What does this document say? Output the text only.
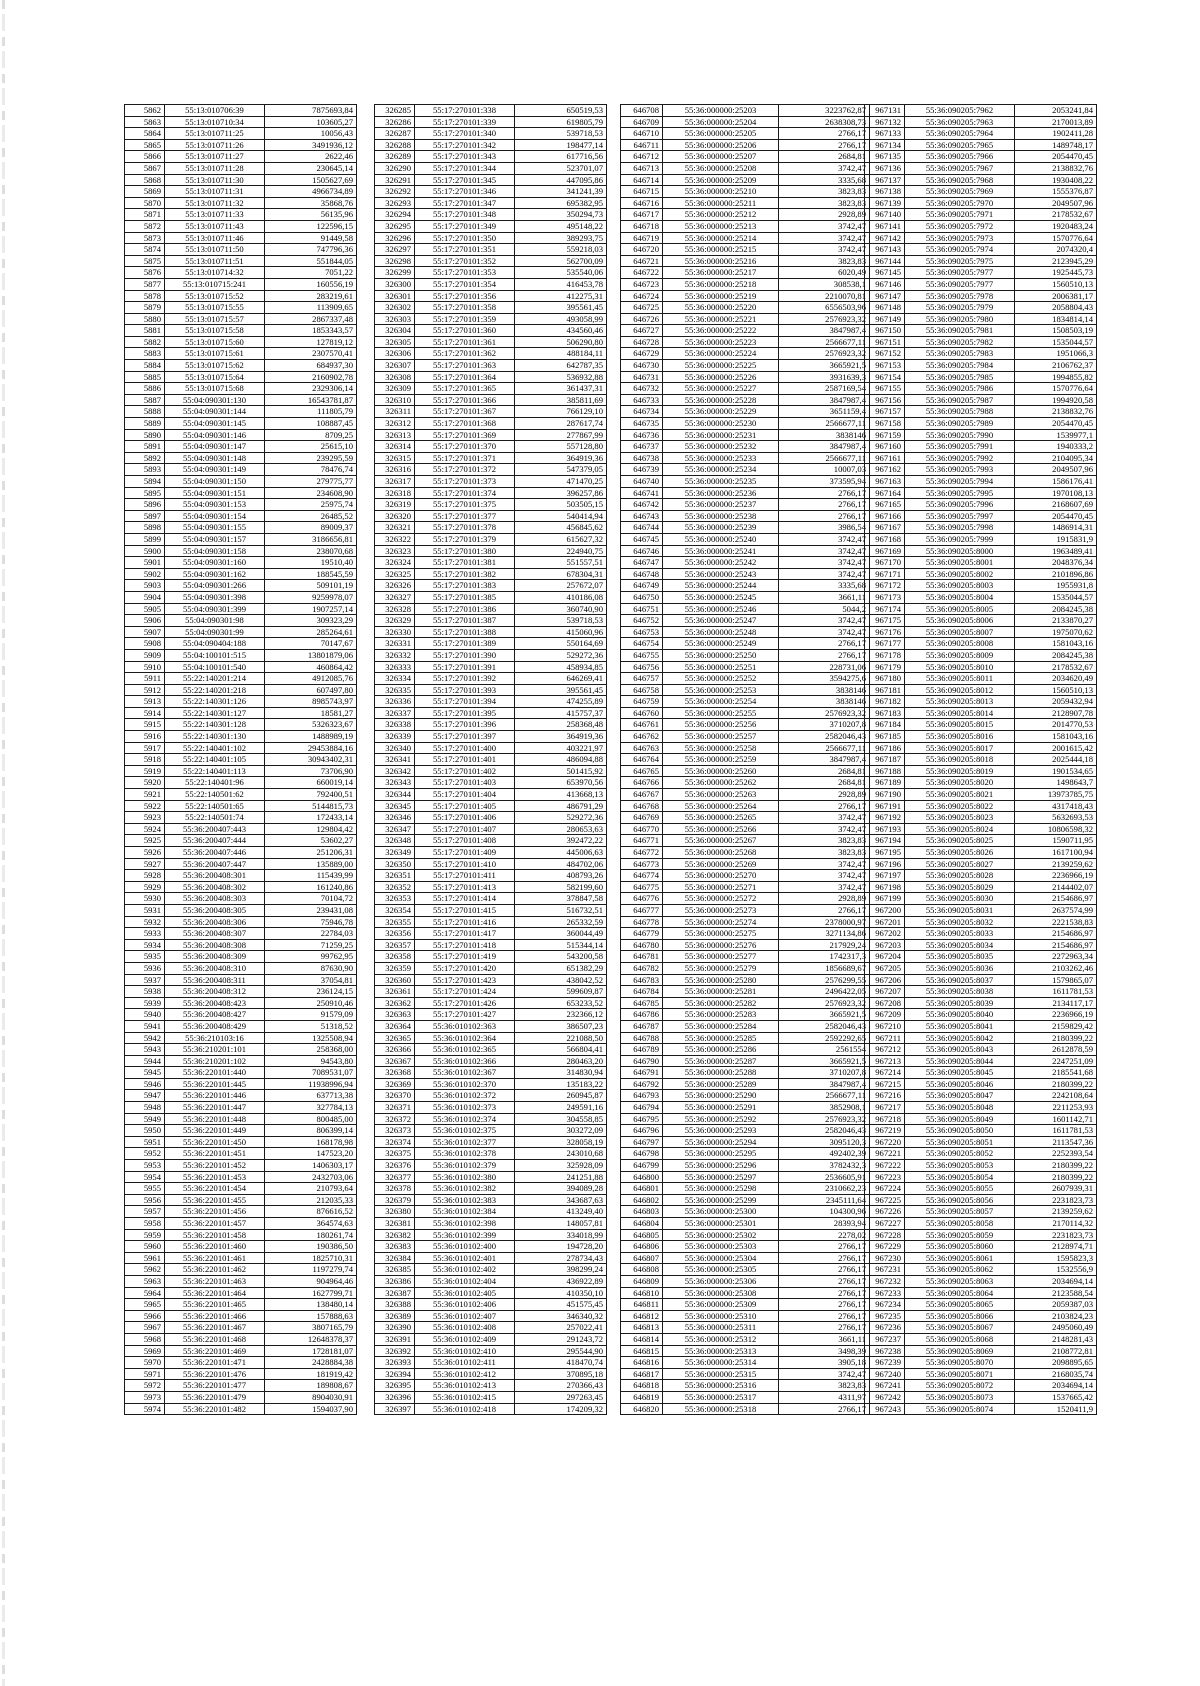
5862	55:13:010706:39	7875693,84
5863	55:13:010710:34	103605,27
5864	55:13:010711:25	10056,43
5865	55:13:010711:26	3491936,12
5866	55:13:010711:27	2622,46
5867	55:13:010711:28	230645,14
5868	55:13:010711:30	1505627,69
5869	55:13:010711:31	4966734,89
5870	55:13:010711:32	35868,76
5871	55:13:010711:33	56135,96
5872	55:13:010711:43	122596,15
5873	55:13:010711:46	91449,58
5874	55:13:010711:50	747796,36
5875	55:13:010711:51	551844,05
5876	55:13:010714:32	7051,22
5877	55:13:010715:241	160556,19
5878	55:13:010715:52	283219,61
5879	55:13:010715:55	113909,65
5880	55:13:010715:57	2867337,48
5881	55:13:010715:58	1853343,57
5882	55:13:010715:60	127819,12
5883	55:13:010715:61	2307570,41
5884	55:13:010715:62	684937,30
5885	55:13:010715:64	2160902,78
5886	55:13:010715:68	2329306,14
5887	55:04:090301:130	16543781,87
5888	55:04:090301:144	111805,79
5889	55:04:090301:145	108887,45
5890	55:04:090301:146	8709,25
5891	55:04:090301:147	25615,10
5892	55:04:090301:148	239295,59
5893	55:04:090301:149	78476,74
5894	55:04:090301:150	279775,77
5895	55:04:090301:151	234608,90
5896	55:04:090301:153	25975,74
5897	55:04:090301:154	26485,52
5898	55:04:090301:155	89009,37
5899	55:04:090301:157	3186656,81
5900	55:04:090301:158	238070,68
5901	55:04:090301:160	19510,40
5902	55:04:090301:162	188545,59
5903	55:04:090301:266	509101,19
5904	55:04:090301:398	9259978,07
5905	55:04:090301:399	1907257,14
5906	55:04:090301:98	309323,29
5907	55:04:090301:99	285264,61
5908	55:04:090404:188	70147,67
5909	55:04:100101:515	13801879,06
5910	55:04:100101:540	460864,42
5911	55:22:140201:214	4912085,76
5912	55:22:140201:218	607497,80
5913	55:22:140301:126	8985743,97
5914	55:22:140301:127	18581,27
5915	55:22:140301:128	5326323,67
5916	55:22:140301:130	1488989,19
5917	55:22:140401:102	29453884,16
5918	55:22:140401:105	30943402,31
5919	55:22:140401:113	73706,90
5920	55:22:140401:96	660019,14
5921	55:22:140501:62	792400,51
5922	55:22:140501:65	5144815,73
5923	55:22:140501:74	172433,14
5924	55:36:200407:443	129804,42
5925	55:36:200407:444	53602,27
5926	55:36:200407:446	251206,31
5927	55:36:200407:447	135889,00
5928	55:36:200408:301	115439,99
5929	55:36:200408:302	161240,86
5930	55:36:200408:303	70104,72
5931	55:36:200408:305	239431,08
5932	55:36:200408:306	75946,78
5933	55:36:200408:307	22784,03
5934	55:36:200408:308	71259,25
5935	55:36:200408:309	99762,95
5936	55:36:200408:310	87630,90
5937	55:36:200408:311	37054,81
5938	55:36:200408:312	236124,15
5939	55:36:200408:423	250910,46
5940	55:36:200408:427	91579,09
5941	55:36:200408:429	51318,52
5942	55:36:210103:16	1325508,94
5943	55:36:210201:101	258368,00
5944	55:36:210201:102	94543,80
5945	55:36:220101:440	7089531,07
5946	55:36:220101:445	11938996,94
5947	55:36:220101:446	637713,38
5948	55:36:220101:447	327784,13
5949	55:36:220101:448	800485,00
5950	55:36:220101:449	806399,14
5951	55:36:220101:450	168178,98
5952	55:36:220101:451	147523,20
5953	55:36:220101:452	1406303,17
5954	55:36:220101:453	2432703,06
5955	55:36:220101:454	210793,64
5956	55:36:220101:455	212035,33
5957	55:36:220101:456	876616,52
5958	55:36:220101:457	364574,63
5959	55:36:220101:458	180261,74
5960	55:36:220101:460	190386,50
5961	55:36:220101:461	1825710,31
5962	55:36:220101:462	1197279,74
5963	55:36:220101:463	904964,46
5964	55:36:220101:464	1627799,71
5965	55:36:220101:465	138480,14
5966	55:36:220101:466	157888,63
5967	55:36:220101:467	3807165,79
5968	55:36:220101:468	12648378,37
5969	55:36:220101:469	1728181,07
5970	55:36:220101:471	2428884,38
5971	55:36:220101:476	181919,42
5972	55:36:220101:477	189808,67
5973	55:36:220101:479	8904030,91
5974	55:36:220101:482	1594037,90
326285	55:17:270101:338	650519,53
326286	55:17:270101:339	619805,79
326287	55:17:270101:340	539718,53
326288	55:17:270101:342	198477,14
326289	55:17:270101:343	617716,56
326290	55:17:270101:344	523701,07
326291	55:17:270101:345	447095,86
326292	55:17:270101:346	341241,39
326293	55:17:270101:347	695382,95
326294	55:17:270101:348	350294,73
326295	55:17:270101:349	495148,22
326296	55:17:270101:350	389293,75
326297	55:17:270101:351	559218,03
326298	55:17:270101:352	562700,09
326299	55:17:270101:353	535540,06
326300	55:17:270101:354	416453,78
326301	55:17:270101:356	412275,31
326302	55:17:270101:358	395561,45
326303	55:17:270101:359	493058,99
326304	55:17:270101:360	434560,46
326305	55:17:270101:361	506290,80
326306	55:17:270101:362	488184,11
326307	55:17:270101:363	642787,35
326308	55:17:270101:364	536932,88
326309	55:17:270101:365	361437,31
326310	55:17:270101:366	385811,69
326311	55:17:270101:367	766129,10
326312	55:17:270101:368	287617,74
326313	55:17:270101:369	277867,99
326314	55:17:270101:370	557128,80
326315	55:17:270101:371	364919,36
326316	55:17:270101:372	547379,05
326317	55:17:270101:373	471470,25
326318	55:17:270101:374	396257,86
326319	55:17:270101:375	503505,15
326320	55:17:270101:377	540414,94
326321	55:17:270101:378	456845,62
326322	55:17:270101:379	615627,32
326323	55:17:270101:380	224940,75
326324	55:17:270101:381	551557,51
326325	55:17:270101:382	678304,31
326326	55:17:270101:383	257672,07
326327	55:17:270101:385	410186,08
326328	55:17:270101:386	360740,90
326329	55:17:270101:387	539718,53
326330	55:17:270101:388	415060,96
326331	55:17:270101:389	550164,69
326332	55:17:270101:390	529272,36
326333	55:17:270101:391	458934,85
326334	55:17:270101:392	646269,41
326335	55:17:270101:393	395561,45
326336	55:17:270101:394	474255,89
326337	55:17:270101:395	415757,37
326338	55:17:270101:396	258368,48
326339	55:17:270101:397	364919,36
326340	55:17:270101:400	403221,97
326341	55:17:270101:401	486094,88
326342	55:17:270101:402	501415,92
326343	55:17:270101:403	653970,56
326344	55:17:270101:404	413668,13
326345	55:17:270101:405	486791,29
326346	55:17:270101:406	529272,36
326347	55:17:270101:407	280653,63
326348	55:17:270101:408	392472,22
326349	55:17:270101:409	445006,63
326350	55:17:270101:410	484702,06
326351	55:17:270101:411	408793,26
326352	55:17:270101:413	582199,60
326353	55:17:270101:414	378847,58
326354	55:17:270101:415	516732,51
326355	55:17:270101:416	265332,59
326356	55:17:270101:417	360044,49
326357	55:17:270101:418	515344,14
326358	55:17:270101:419	543200,58
326359	55:17:270101:420	651382,29
326360	55:17:270101:423	438042,52
326361	55:17:270101:424	599609,87
326362	55:17:270101:426	653233,52
326363	55:17:270101:427	232366,12
326364	55:36:010102:363	386507,23
326365	55:36:010102:364	221088,50
326366	55:36:010102:365	566804,41
326367	55:36:010102:366	280463,20
326368	55:36:010102:367	314830,94
326369	55:36:010102:370	135183,22
326370	55:36:010102:372	260945,87
326371	55:36:010102:373	249591,16
326372	55:36:010102:374	304558,85
326373	55:36:010102:375	303272,09
326374	55:36:010102:377	328058,19
326375	55:36:010102:378	243010,68
326376	55:36:010102:379	325928,09
326377	55:36:010102:380	241251,88
326378	55:36:010102:382	394089,28
326379	55:36:010102:383	343687,63
326380	55:36:010102:384	413249,40
326381	55:36:010102:398	148057,81
326382	55:36:010102:399	334018,99
326383	55:36:010102:400	194728,20
326384	55:36:010102:401	278734,43
326385	55:36:010102:402	398299,24
326386	55:36:010102:404	436922,89
326387	55:36:010102:405	410350,10
326388	55:36:010102:406	451575,45
326389	55:36:010102:407	346340,32
326390	55:36:010102:408	257022,41
326391	55:36:010102:409	291243,72
326392	55:36:010102:410	295544,90
326393	55:36:010102:411	418470,74
326394	55:36:010102:412	370895,18
326395	55:36:010102:413	270366,43
326396	55:36:010102:415	297263,45
326397	55:36:010102:418	174209,32
646708	55:36:000000:25203	3223762,87
646709	55:36:000000:25204	2638308,73
646710	55:36:000000:25205	2766,17
646711	55:36:000000:25206	2766,17
646712	55:36:000000:25207	2684,81
646713	55:36:000000:25208	3742,47
646714	55:36:000000:25209	3335,68
646715	55:36:000000:25210	3823,83
646716	55:36:000000:25211	3823,83
646717	55:36:000000:25212	2928,89
646718	55:36:000000:25213	3742,47
646719	55:36:000000:25214	3742,47
646720	55:36:000000:25215	3742,47
646721	55:36:000000:25216	3823,83
646722	55:36:000000:25217	6020,49
646723	55:36:000000:25218	308538,1
646724	55:36:000000:25219	2210070,81
646725	55:36:000000:25220	6556503,96
646726	55:36:000000:25221	2576923,32
646727	55:36:000000:25222	3847987,4
646728	55:36:000000:25223	2566677,11
646729	55:36:000000:25224	2576923,32
646730	55:36:000000:25225	3665921,5
646731	55:36:000000:25226	3931639,3
646732	55:36:000000:25227	2587169,54
646733	55:36:000000:25228	3847987,4
646734	55:36:000000:25229	3651159,4
646735	55:36:000000:25230	2566677,11
646736	55:36:000000:25231	3838146
646737	55:36:000000:25232	3847987,4
646738	55:36:000000:25233	2566677,11
646739	55:36:000000:25234	10007,03
646740	55:36:000000:25235	373595,94
646741	55:36:000000:25236	2766,17
646742	55:36:000000:25237	2766,17
646743	55:36:000000:25238	2766,17
646744	55:36:000000:25239	3986,54
646745	55:36:000000:25240	3742,47
646746	55:36:000000:25241	3742,47
646747	55:36:000000:25242	3742,47
646748	55:36:000000:25243	3742,47
646749	55:36:000000:25244	3335,68
646750	55:36:000000:25245	3661,11
646751	55:36:000000:25246	5044,2
646752	55:36:000000:25247	3742,47
646753	55:36:000000:25248	3742,47
646754	55:36:000000:25249	2766,17
646755	55:36:000000:25250	2766,17
646756	55:36:000000:25251	228731,06
646757	55:36:000000:25252	3594275,6
646758	55:36:000000:25253	3838146
646759	55:36:000000:25254	3838146
646760	55:36:000000:25255	2576923,32
646761	55:36:000000:25256	3710207,8
646762	55:36:000000:25257	2582046,43
646763	55:36:000000:25258	2566677,11
646764	55:36:000000:25259	3847987,4
646765	55:36:000000:25260	2684,81
646766	55:36:000000:25262	2684,81
646767	55:36:000000:25263	2928,89
646768	55:36:000000:25264	2766,17
646769	55:36:000000:25265	3742,47
646770	55:36:000000:25266	3742,47
646771	55:36:000000:25267	3823,83
646772	55:36:000000:25268	3823,83
646773	55:36:000000:25269	3742,47
646774	55:36:000000:25270	3742,47
646775	55:36:000000:25271	3742,47
646776	55:36:000000:25272	2928,89
646777	55:36:000000:25273	2766,17
646778	55:36:000000:25274	2378000,97
646779	55:36:000000:25275	3271134,86
646780	55:36:000000:25276	217929,24
646781	55:36:000000:25277	1742317,3
646782	55:36:000000:25279	1856689,67
646783	55:36:000000:25280	2576299,55
646784	55:36:000000:25281	2496422,05
646785	55:36:000000:25282	2576923,32
646786	55:36:000000:25283	3665921,5
646787	55:36:000000:25284	2582046,43
646788	55:36:000000:25285	2592292,65
646789	55:36:000000:25286	2561554
646790	55:36:000000:25287	3665921,5
646791	55:36:000000:25288	3710207,8
646792	55:36:000000:25289	3847987,4
646793	55:36:000000:25290	2566677,11
646794	55:36:000000:25291	3852908,1
646795	55:36:000000:25292	2576923,32
646796	55:36:000000:25293	2582046,43
646797	55:36:000000:25294	3095120,3
646798	55:36:000000:25295	492402,39
646799	55:36:000000:25296	3782432,3
646800	55:36:000000:25297	2536605,91
646801	55:36:000000:25298	2310662,23
646802	55:36:000000:25299	2345111,64
646803	55:36:000000:25300	104300,96
646804	55:36:000000:25301	28393,94
646805	55:36:000000:25302	2278,02
646806	55:36:000000:25303	2766,17
646807	55:36:000000:25304	2766,17
646808	55:36:000000:25305	2766,17
646809	55:36:000000:25306	2766,17
646810	55:36:000000:25308	2766,17
646811	55:36:000000:25309	2766,17
646812	55:36:000000:25310	2766,17
646813	55:36:000000:25311	2766,17
646814	55:36:000000:25312	3661,11
646815	55:36:000000:25313	3498,39
646816	55:36:000000:25314	3905,18
646817	55:36:000000:25315	3742,47
646818	55:36:000000:25316	3823,83
646819	55:36:000000:25317	4311,97
646820	55:36:000000:25318	2766,17
967131	55:36:090205:7962	2053241,84
967132	55:36:090205:7963	2170013,89
967133	55:36:090205:7964	1902411,28
967134	55:36:090205:7965	1489748,17
967135	55:36:090205:7966	2054470,45
967136	55:36:090205:7967	2138832,76
967137	55:36:090205:7968	1930408,22
967138	55:36:090205:7969	1555376,87
967139	55:36:090205:7970	2049507,96
967140	55:36:090205:7971	2178532,67
967141	55:36:090205:7972	1920483,24
967142	55:36:090205:7973	1570776,64
967143	55:36:090205:7974	2074320,4
967144	55:36:090205:7975	2123945,29
967145	55:36:090205:7977	1925445,73
967146	55:36:090205:7977	1560510,13
967147	55:36:090205:7978	2006381,17
967148	55:36:090205:7979	2058804,43
967149	55:36:090205:7980	1834814,14
967150	55:36:090205:7981	1508503,19
967151	55:36:090205:7982	1535044,57
967152	55:36:090205:7983	1951066,3
967153	55:36:090205:7984	2106762,37
967154	55:36:090205:7985	1994855,82
967155	55:36:090205:7986	1570776,64
967156	55:36:090205:7987	1994920,58
967157	55:36:090205:7988	2138832,76
967158	55:36:090205:7989	2054470,45
967159	55:36:090205:7990	1539977,1
967160	55:36:090205:7991	1940333,2
967161	55:36:090205:7992	2104095,34
967162	55:36:090205:7993	2049507,96
967163	55:36:090205:7994	1586176,41
967164	55:36:090205:7995	1970108,13
967165	55:36:090205:7996	2168607,69
967166	55:36:090205:7997	2054470,45
967167	55:36:090205:7998	1486914,31
967168	55:36:090205:7999	1915831,9
967169	55:36:090205:8000	1963489,41
967170	55:36:090205:8001	2048376,34
967171	55:36:090205:8002	2101896,86
967172	55:36:090205:8003	1955931,8
967173	55:36:090205:8004	1535044,57
967174	55:36:090205:8005	2084245,38
967175	55:36:090205:8006	2133870,27
967176	55:36:090205:8007	1975070,62
967177	55:36:090205:8008	1581043,16
967178	55:36:090205:8009	2084245,38
967179	55:36:090205:8010	2178532,67
967180	55:36:090205:8011	2034620,49
967181	55:36:090205:8012	1560510,13
967182	55:36:090205:8013	2059432,94
967183	55:36:090205:8014	2128907,78
967184	55:36:090205:8015	2014770,53
967185	55:36:090205:8016	1581043,16
967186	55:36:090205:8017	2001615,42
967187	55:36:090205:8018	2025444,18
967188	55:36:090205:8019	1901534,65
967189	55:36:090205:8020	1498643,7
967190	55:36:090205:8021	13973785,75
967191	55:36:090205:8022	4317418,43
967192	55:36:090205:8023	5632693,53
967193	55:36:090205:8024	10806598,32
967194	55:36:090205:8025	1590711,95
967195	55:36:090205:8026	1617100,94
967196	55:36:090205:8027	2139259,62
967197	55:36:090205:8028	2236966,19
967198	55:36:090205:8029	2144402,07
967199	55:36:090205:8030	2154686,97
967200	55:36:090205:8031	2637574,99
967201	55:36:090205:8032	2221538,83
967202	55:36:090205:8033	2154686,97
967203	55:36:090205:8034	2154686,97
967204	55:36:090205:8035	2272963,34
967205	55:36:090205:8036	2103262,46
967206	55:36:090205:8037	1579865,07
967207	55:36:090205:8038	1611781,53
967208	55:36:090205:8039	2134117,17
967209	55:36:090205:8040	2236966,19
967210	55:36:090205:8041	2159829,42
967211	55:36:090205:8042	2180399,22
967212	55:36:090205:8043	2612878,59
967213	55:36:090205:8044	2247251,09
967214	55:36:090205:8045	2185541,68
967215	55:36:090205:8046	2180399,22
967216	55:36:090205:8047	2242108,64
967217	55:36:090205:8048	2211253,93
967218	55:36:090205:8049	1601142,71
967219	55:36:090205:8050	1611781,53
967220	55:36:090205:8051	2113547,36
967221	55:36:090205:8052	2252393,54
967222	55:36:090205:8053	2180399,22
967223	55:36:090205:8054	2180399,22
967224	55:36:090205:8055	2607939,31
967225	55:36:090205:8056	2231823,73
967226	55:36:090205:8057	2139259,62
967227	55:36:090205:8058	2170114,32
967228	55:36:090205:8059	2231823,73
967229	55:36:090205:8060	2128974,71
967230	55:36:090205:8061	1595823,3
967231	55:36:090205:8062	1532556,9
967232	55:36:090205:8063	2034694,14
967233	55:36:090205:8064	2123588,54
967234	55:36:090205:8065	2059387,03
967235	55:36:090205:8066	2103824,23
967236	55:36:090205:8067	2495060,49
967237	55:36:090205:8068	2148281,43
967238	55:36:090205:8069	2108772,81
967239	55:36:090205:8070	2098895,65
967240	55:36:090205:8071	2168035,74
967241	55:36:090205:8072	2034694,14
967242	55:36:090205:8073	1537665,42
967243	55:36:090205:8074	1520411,9
